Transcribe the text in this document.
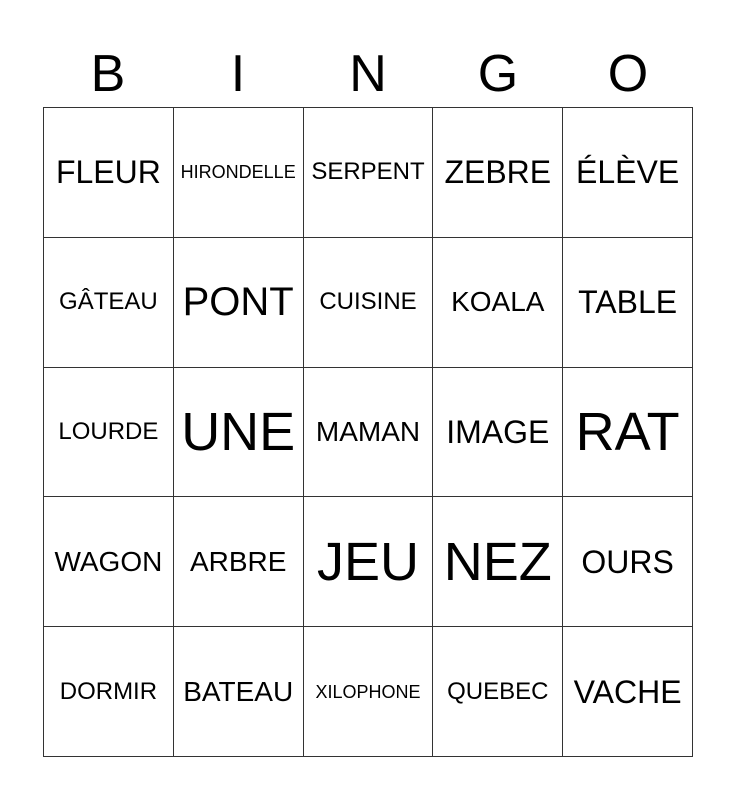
B	I	N	G	O
FLEUR	HIRONDELLE SERPENT ZEBRE ÉLÈVE
GÂTEAU PONT	CUISINE	KOALA	TABLE
LOURDE UNE MAMAN IMAGE RAT
WAGON ARBRE JEU NEZ OURS
DORMIR BATEAU	XILOPHONE	QUEBEC VACHE
